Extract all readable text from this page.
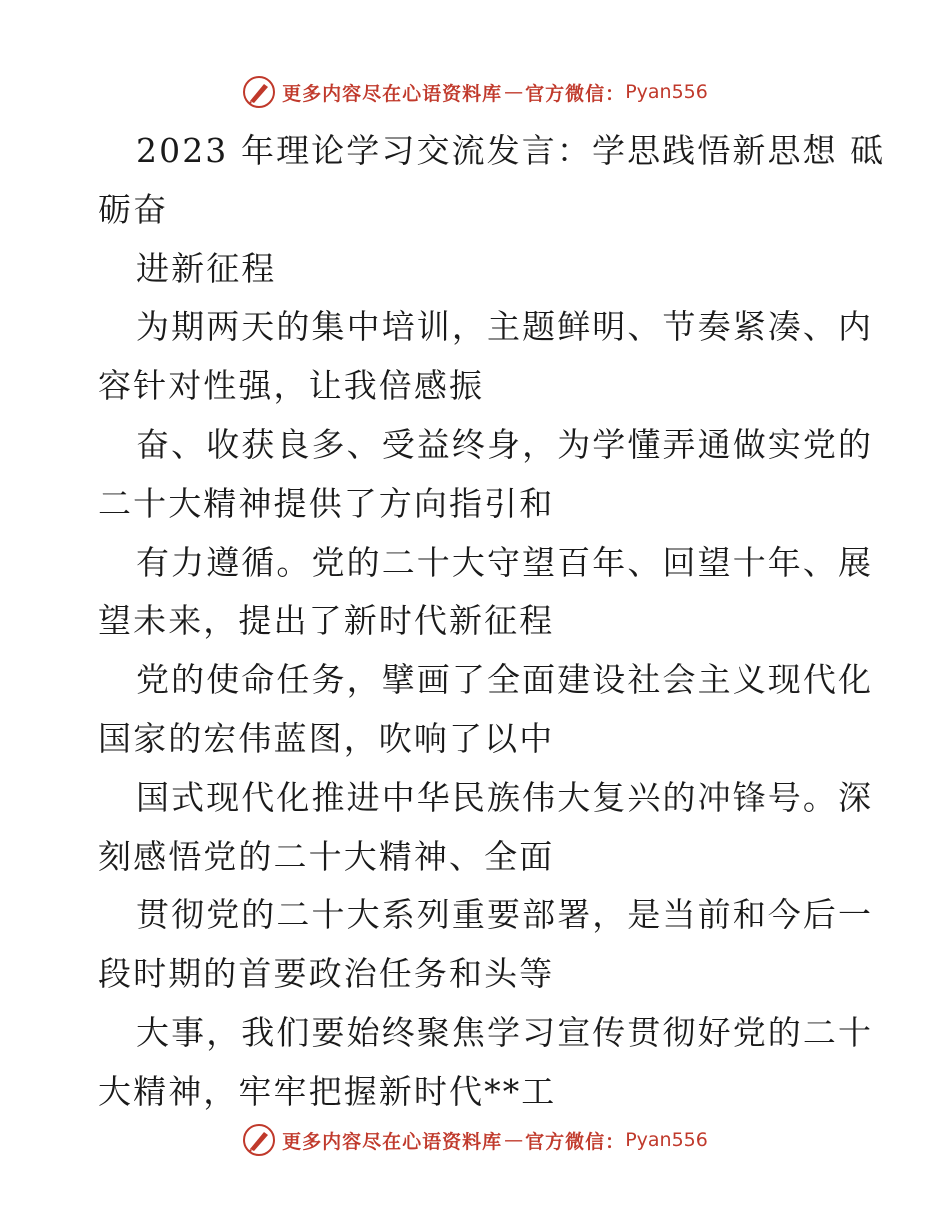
更多内容尽在心语资料库 — 官方微信： Pyan556
2023 年理论学习交流发言：学思践悟新思想 砥
砺奋
进新征程
为期两天的集中培训，主题鲜明、节奏紧凑、内
容针对性强，让我倍感振
奋、收获良多、受益终身，为学懂弄通做实党的
二十大精神提供了方向指引和
有力遵循。党的二十大守望百年、回望十年、展
望未来，提出了新时代新征程
党的使命任务，擘画了全面建设社会主义现代化
国家的宏伟蓝图，吹响了以中
国式现代化推进中华民族伟大复兴的冲锋号。深
刻感悟党的二十大精神、全面
贯彻党的二十大系列重要部署，是当前和今后一
段时期的首要政治任务和头等
大事，我们要始终聚焦学习宣传贯彻好党的二十
大精神，牢牢把握新时代**工
更多内容尽在心语资料库 — 官方微信： Pyan556
